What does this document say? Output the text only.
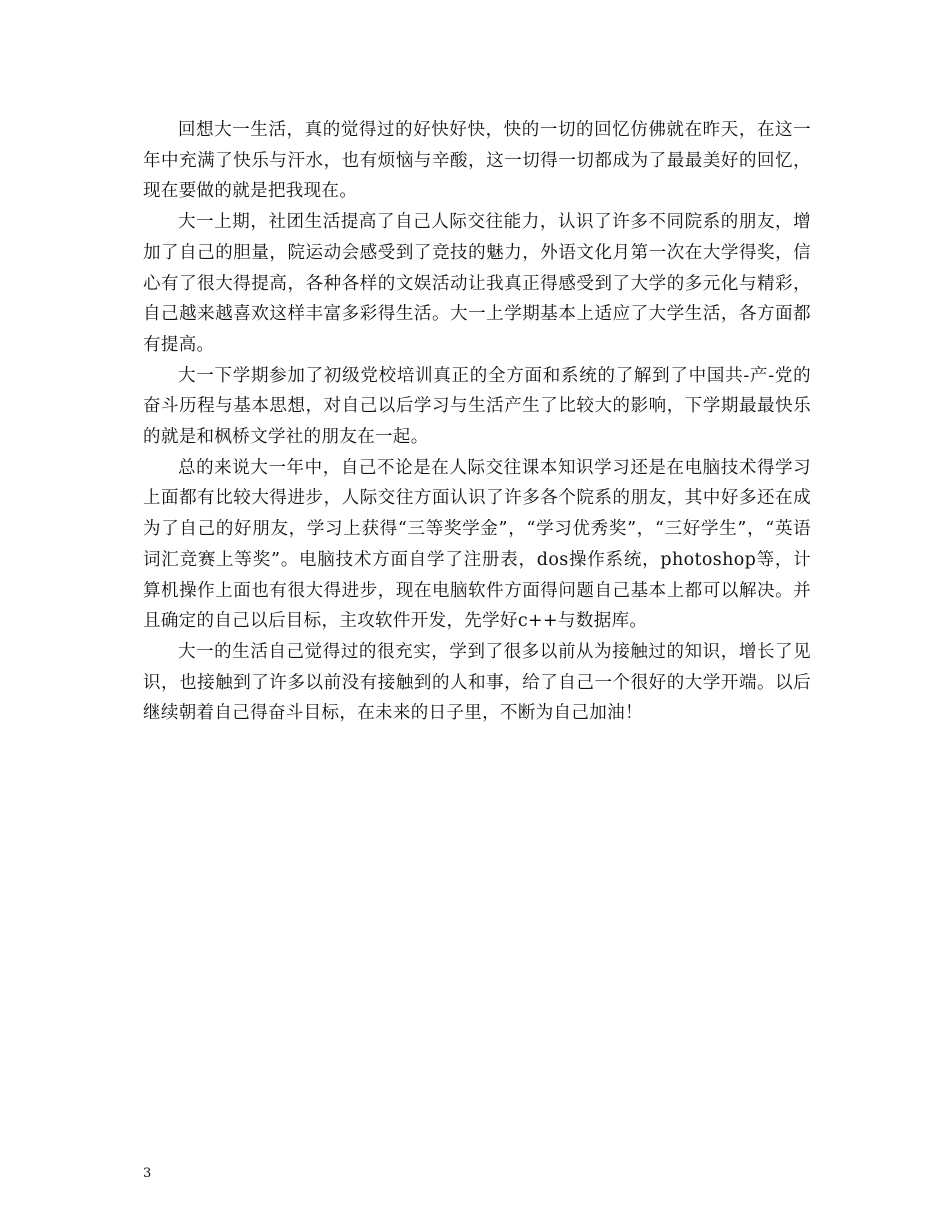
回想大一生活，真的觉得过的好快好快，快的一切的回忆仿佛就在昨天，在这一年中充满了快乐与汗水，也有烦恼与辛酸，这一切得一切都成为了最最美好的回忆，现在要做的就是把我现在。

大一上期，社团生活提高了自己人际交往能力，认识了许多不同院系的朋友，增加了自己的胆量，院运动会感受到了竞技的魅力，外语文化月第一次在大学得奖，信心有了很大得提高，各种各样的文娱活动让我真正得感受到了大学的多元化与精彩，自己越来越喜欢这样丰富多彩得生活。大一上学期基本上适应了大学生活，各方面都有提高。

大一下学期参加了初级党校培训真正的全方面和系统的了解到了中国共-产-党的奋斗历程与基本思想，对自己以后学习与生活产生了比较大的影响，下学期最最快乐的就是和枫桥文学社的朋友在一起。

总的来说大一年中，自己不论是在人际交往课本知识学习还是在电脑技术得学习上面都有比较大得进步，人际交往方面认识了许多各个院系的朋友，其中好多还在成为了自己的好朋友，学习上获得“三等奖学金”，“学习优秀奖”，“三好学生”，“英语词汇竞赛上等奖”。电脑技术方面自学了注册表，dos操作系统，photoshop等，计算机操作上面也有很大得进步，现在电脑软件方面得问题自己基本上都可以解决。并且确定的自己以后目标，主攻软件开发，先学好c++与数据库。

大一的生活自己觉得过的很充实，学到了很多以前从为接触过的知识，增长了见识，也接触到了许多以前没有接触到的人和事，给了自己一个很好的大学开端。以后继续朝着自己得奋斗目标，在未来的日子里，不断为自己加油！

3
